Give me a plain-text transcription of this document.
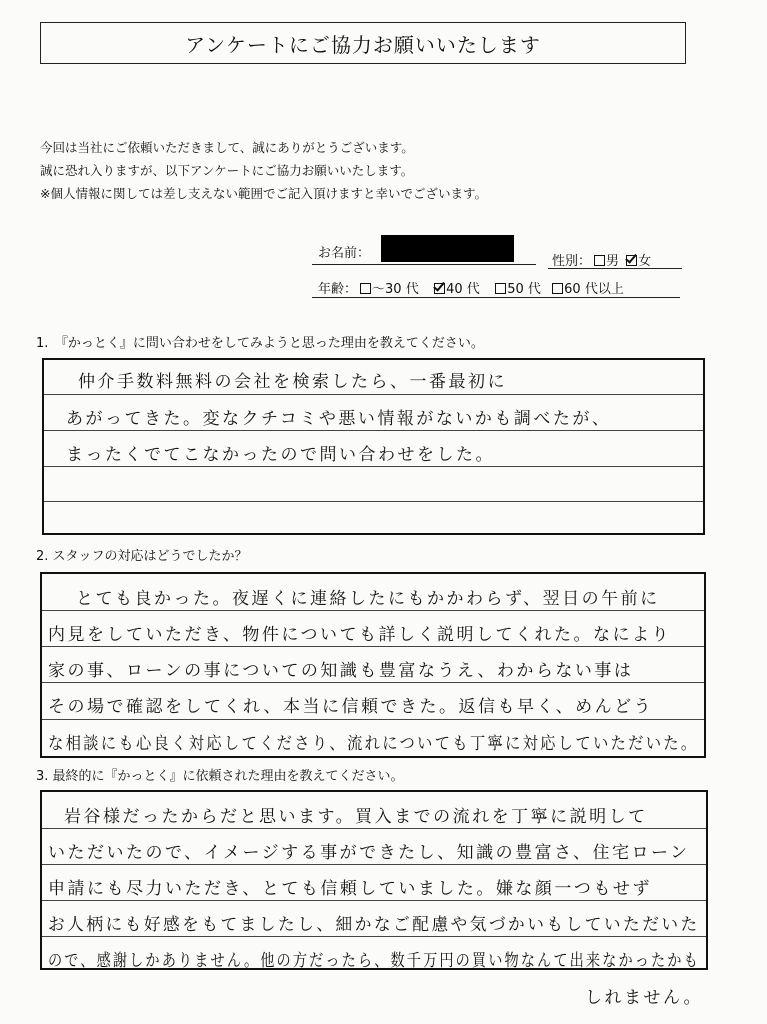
アンケートにご協力お願いいたします
今回は当社にご依頼いただきまして、誠にありがとうございます。
誠に恐れ入りますが、以下アンケートにご協力お願いいたします。
※個人情報に関しては差し支えない範囲でご記入頂けますと幸いでございます。
お名前：
性別： 男 女
年齢： ～30 代 40 代 50 代 60 代以上
1.　『かっとく』に問い合わせをしてみようと思った理由を教えてください。
仲介手数料無料の会社を検索したら、一番最初に
あがってきた。変なクチコミや悪い情報がないかも調べたが、
まったくでてこなかったので問い合わせをした。
2. スタッフの対応はどうでしたか？
とても良かった。夜遅くに連絡したにもかかわらず、翌日の午前に
内見をしていただき、物件についても詳しく説明してくれた。なにより
家の事、ローンの事についての知識も豊富なうえ、わからない事は
その場で確認をしてくれ、本当に信頼できた。返信も早く、めんどう
な相談にも心良く対応してくださり、流れについても丁寧に対応していただいた。
3. 最終的に『かっとく』に依頼された理由を教えてください。
岩谷様だったからだと思います。買入までの流れを丁寧に説明して
いただいたので、イメージする事ができたし、知識の豊富さ、住宅ローン
申請にも尽力いただき、とても信頼していました。嫌な顔一つもせず
お人柄にも好感をもてましたし、細かなご配慮や気づかいもしていただいた
ので、感謝しかありません。他の方だったら、数千万円の買い物なんて出来なかったかも
しれません。
